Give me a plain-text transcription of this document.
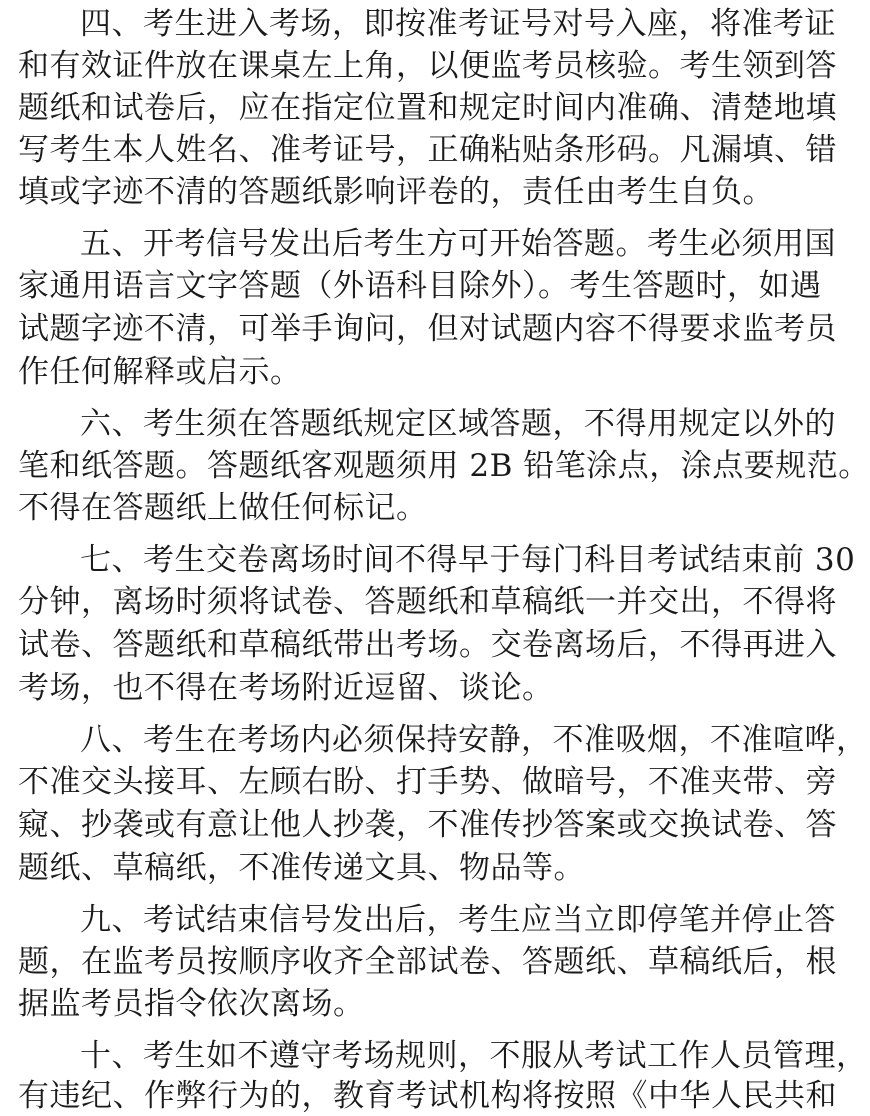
四、考生进入考场，即按准考证号对号入座，将准考证
和有效证件放在课桌左上角，以便监考员核验。考生领到答
题纸和试卷后，应在指定位置和规定时间内准确、清楚地填
写考生本人姓名、准考证号，正确粘贴条形码。凡漏填、错
填或字迹不清的答题纸影响评卷的，责任由考生自负。
五、开考信号发出后考生方可开始答题。考生必须用国
家通用语言文字答题（外语科目除外）。考生答题时，如遇
试题字迹不清，可举手询问，但对试题内容不得要求监考员
作任何解释或启示。
六、考生须在答题纸规定区域答题，不得用规定以外的
笔和纸答题。答题纸客观题须用 2B 铅笔涂点，涂点要规范。
不得在答题纸上做任何标记。
七、考生交卷离场时间不得早于每门科目考试结束前 30
分钟，离场时须将试卷、答题纸和草稿纸一并交出，不得将
试卷、答题纸和草稿纸带出考场。交卷离场后，不得再进入
考场，也不得在考场附近逗留、谈论。
八、考生在考场内必须保持安静，不准吸烟，不准喧哗，
不准交头接耳、左顾右盼、打手势、做暗号，不准夹带、旁
窥、抄袭或有意让他人抄袭，不准传抄答案或交换试卷、答
题纸、草稿纸，不准传递文具、物品等。
九、考试结束信号发出后，考生应当立即停笔并停止答
题，在监考员按顺序收齐全部试卷、答题纸、草稿纸后，根
据监考员指令依次离场。
十、考生如不遵守考场规则，不服从考试工作人员管理，
有违纪、作弊行为的，教育考试机构将按照《中华人民共和
